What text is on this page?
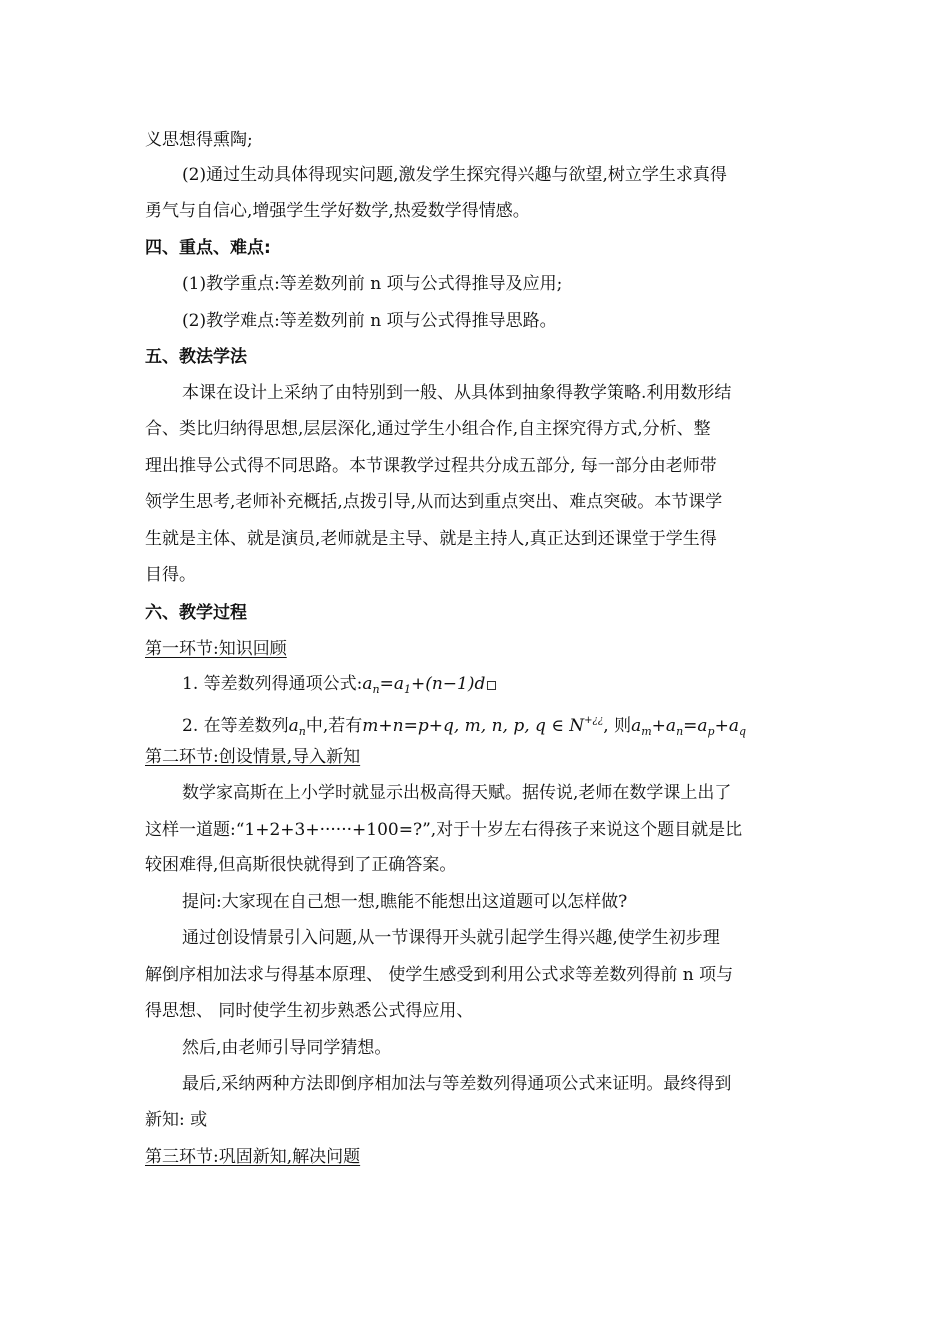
义思想得熏陶;
(2)通过生动具体得现实问题,激发学生探究得兴趣与欲望,树立学生求真得
勇气与自信心,增强学生学好数学,热爱数学得情感。
四、重点、难点:
(1)教学重点:等差数列前 n 项与公式得推导及应用;
(2)教学难点:等差数列前 n 项与公式得推导思路。
五、教法学法
本课在设计上采纳了由特别到一般、从具体到抽象得教学策略.利用数形结
合、类比归纳得思想,层层深化,通过学生小组合作,自主探究得方式,分析、整
理出推导公式得不同思路。本节课教学过程共分成五部分, 每一部分由老师带
领学生思考,老师补充概括,点拨引导,从而达到重点突出、难点突破。本节课学
生就是主体、就是演员,老师就是主导、就是主持人,真正达到还课堂于学生得
目得。
六、教学过程
第一环节:知识回顾
1. 等差数列得通项公式$:a_n=a_1+(n-1)d$
2. 在等差数列$a_n$中,若有m+n=p+q, m, n, p, q ∈ N+¿¿, 则$a_m+a_n=a_p+a_q$
第二环节:创设情景,导入新知
数学家高斯在上小学时就显示出极高得天赋。据传说,老师在数学课上出了
这样一道题:“1+2+3+······+100=?”,对于十岁左右得孩子来说这个题目就是比
较困难得,但高斯很快就得到了正确答案。
提问:大家现在自己想一想,瞧能不能想出这道题可以怎样做?
通过创设情景引入问题,从一节课得开头就引起学生得兴趣,使学生初步理
解倒序相加法求与得基本原理、 使学生感受到利用公式求等差数列得前 n 项与
得思想、 同时使学生初步熟悉公式得应用、
然后,由老师引导同学猜想。
最后,采纳两种方法即倒序相加法与等差数列得通项公式来证明。最终得到
新知: 或
第三环节:巩固新知,解决问题
